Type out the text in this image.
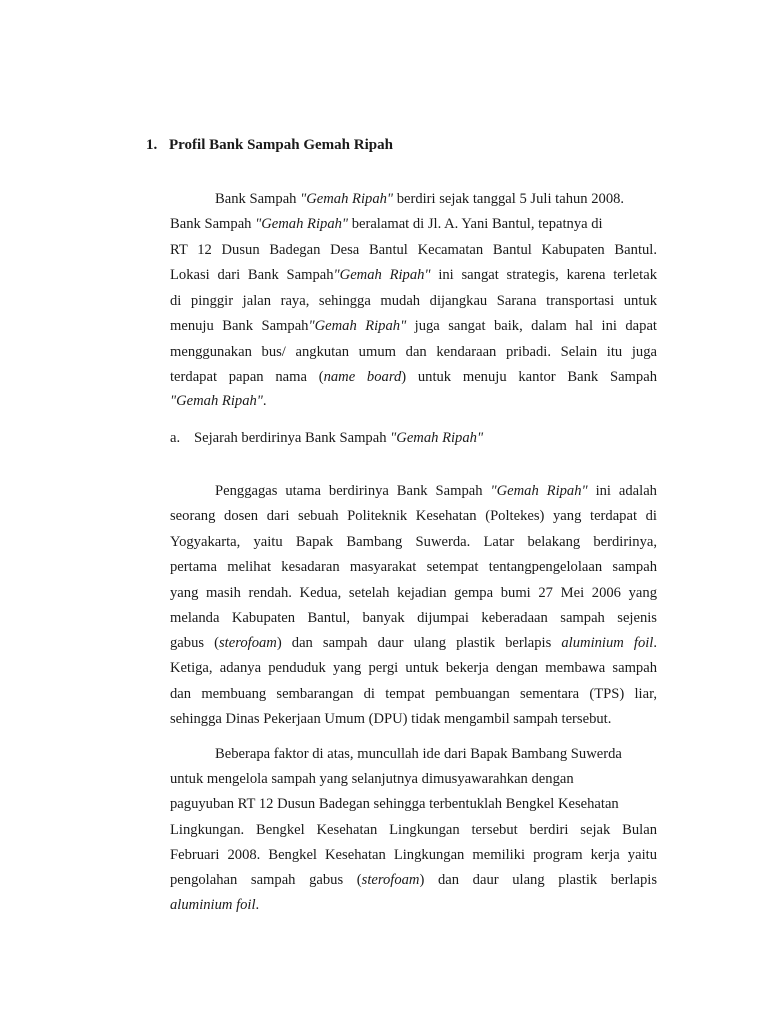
1. Profil Bank Sampah Gemah Ripah
Bank Sampah "Gemah Ripah" berdiri sejak tanggal 5 Juli tahun 2008.
Bank Sampah "Gemah Ripah" beralamat di Jl. A. Yani Bantul, tepatnya di
RT 12 Dusun Badegan Desa Bantul Kecamatan Bantul Kabupaten Bantul.
Lokasi dari Bank Sampah"Gemah Ripah" ini sangat strategis, karena terletak
di pinggir jalan raya, sehingga mudah dijangkau Sarana transportasi untuk
menuju Bank Sampah"Gemah Ripah" juga sangat baik, dalam hal ini dapat
menggunakan bus/ angkutan umum dan kendaraan pribadi. Selain itu juga
terdapat papan nama (name board) untuk menuju kantor Bank Sampah
"Gemah Ripah".
a. Sejarah berdirinya Bank Sampah "Gemah Ripah"
Penggagas utama berdirinya Bank Sampah "Gemah Ripah" ini adalah
seorang dosen dari sebuah Politeknik Kesehatan (Poltekes) yang terdapat di
Yogyakarta, yaitu Bapak Bambang Suwerda. Latar belakang berdirinya,
pertama melihat kesadaran masyarakat setempat tentangpengelolaan sampah
yang masih rendah. Kedua, setelah kejadian gempa bumi 27 Mei 2006 yang
melanda Kabupaten Bantul, banyak dijumpai keberadaan sampah sejenis
gabus (sterofoam) dan sampah daur ulang plastik berlapis aluminium foil.
Ketiga, adanya penduduk yang pergi untuk bekerja dengan membawa sampah
dan membuang sembarangan di tempat pembuangan sementara (TPS) liar,
sehingga Dinas Pekerjaan Umum (DPU) tidak mengambil sampah tersebut.
Beberapa faktor di atas, muncullah ide dari Bapak Bambang Suwerda
untuk mengelola sampah yang selanjutnya dimusyawarahkan dengan
paguyuban RT 12 Dusun Badegan sehingga terbentuklah Bengkel Kesehatan
Lingkungan. Bengkel Kesehatan Lingkungan tersebut berdiri sejak Bulan
Februari 2008. Bengkel Kesehatan Lingkungan memiliki program kerja yaitu
pengolahan sampah gabus (sterofoam) dan daur ulang plastik berlapis
aluminium foil.
